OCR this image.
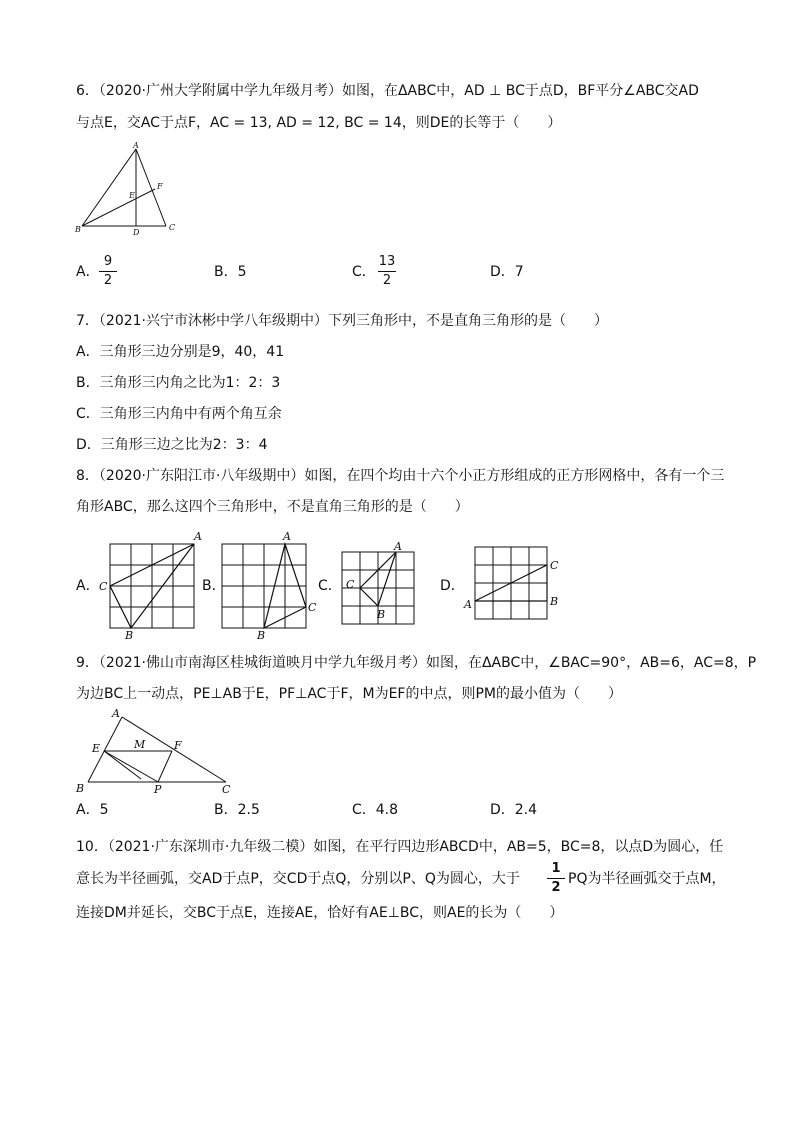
6．（2020·广州大学附属中学九年级月考）如图，在ΔABC中，AD ⊥ BC于点D，BF平分∠ABC交AD
与点E，交AC于点F，AC = 13, AD = 12, BC = 14，则DE的长等于（　　）
A
B	C
D
E
F
A．
9
2
B．5	C．
13
2
D．7
7．（2021·兴宁市沐彬中学八年级期中）下列三角形中，不是直角三角形的是（　　）
A．三角形三边分别是9，40，41
B．三角形三内角之比为1：2：3
C．三角形三内角中有两个角互余
D．三角形三边之比为2：3：4
8．（2020·广东阳江市·八年级期中）如图，在四个均由十六个小正方形组成的正方形网格中，各有一个三
角形ABC，那么这四个三角形中，不是直角三角形的是（　　）
A．
A
C
B
B．
A
C
B
C．
A
C
B
D．
A
C
B
9．（2021·佛山市南海区桂城街道映月中学九年级月考）如图，在ΔABC中，∠BAC=90°，AB=6，AC=8，P
为边BC上一动点，PE⊥AB于E，PF⊥AC于F，M为EF的中点，则PM的最小值为（　　）
A
E	M	F
B	P	C
A．5	B．2.5	C．4.8	D．2.4
10．（2021·广东深圳市·九年级二模）如图，在平行四边形ABCD中，AB=5，BC=8，以点D为圆心，任
意长为半径画弧，交AD于点P，交CD于点Q，分别以P、Q为圆心，大于
1
2
PQ为半径画弧交于点M，
连接DM并延长，交BC于点E，连接AE，恰好有AE⊥BC，则AE的长为（　　）
